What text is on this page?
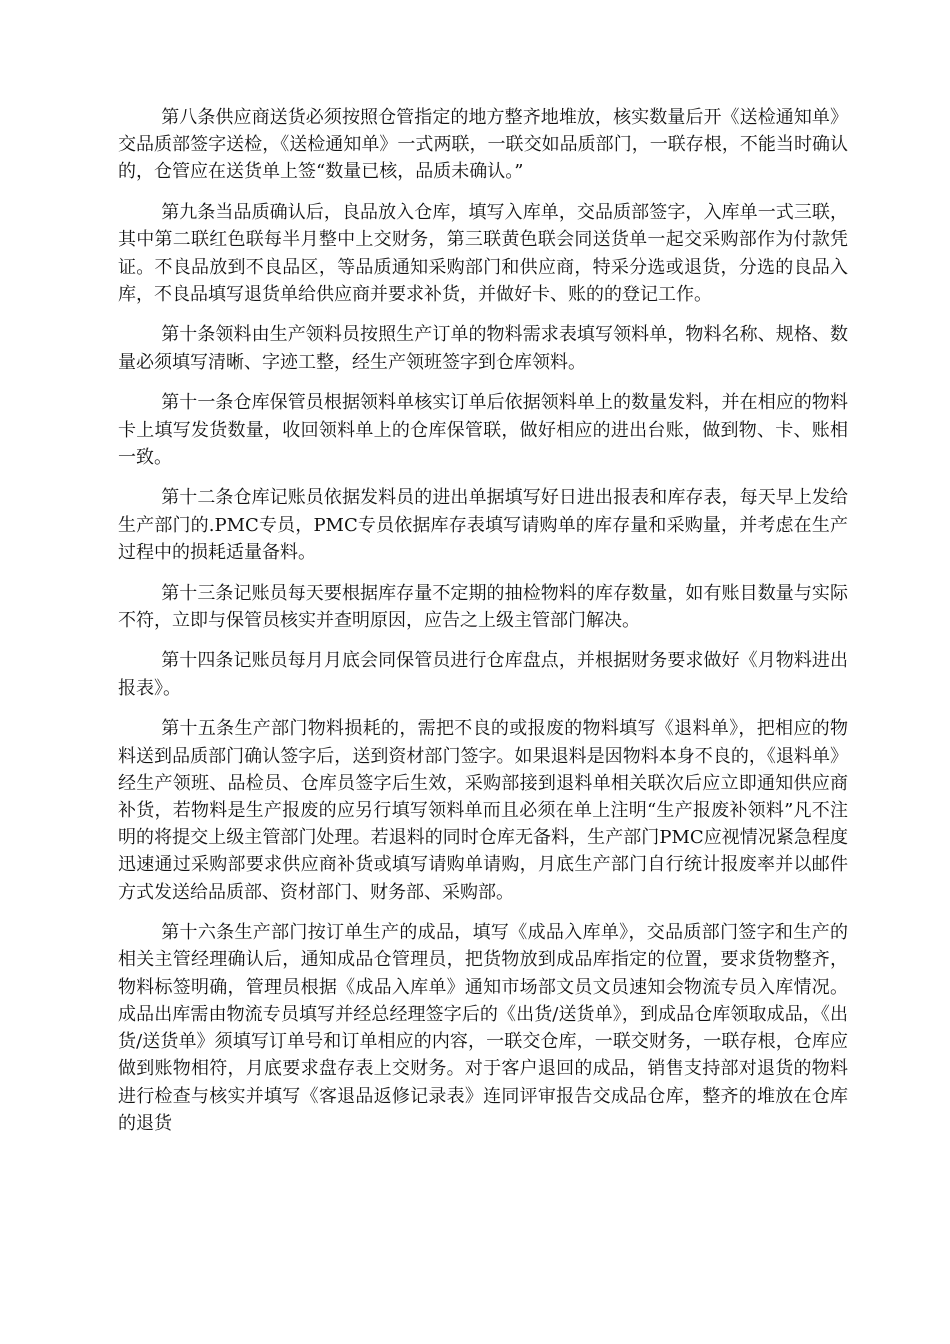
第八条供应商送货必须按照仓管指定的地方整齐地堆放，核实数量后开《送检通知单》交品质部签字送检，《送检通知单》一式两联，一联交如品质部门，一联存根，不能当时确认的，仓管应在送货单上签“数量已核，品质未确认。”

第九条当品质确认后，良品放入仓库，填写入库单，交品质部签字，入库单一式三联，其中第二联红色联每半月整中上交财务，第三联黄色联会同送货单一起交采购部作为付款凭证。不良品放到不良品区，等品质通知采购部门和供应商，特采分选或退货，分选的良品入库，不良品填写退货单给供应商并要求补货，并做好卡、账的的登记工作。

第十条领料由生产领料员按照生产订单的物料需求表填写领料单，物料名称、规格、数量必须填写清晰、字迹工整，经生产领班签字到仓库领料。

第十一条仓库保管员根据领料单核实订单后依据领料单上的数量发料，并在相应的物料卡上填写发货数量，收回领料单上的仓库保管联，做好相应的进出台账，做到物、卡、账相一致。

第十二条仓库记账员依据发料员的进出单据填写好日进出报表和库存表，每天早上发给生产部门的.PMC专员，PMC专员依据库存表填写请购单的库存量和采购量，并考虑在生产过程中的损耗适量备料。

第十三条记账员每天要根据库存量不定期的抽检物料的库存数量，如有账目数量与实际不符，立即与保管员核实并查明原因，应告之上级主管部门解决。

第十四条记账员每月月底会同保管员进行仓库盘点，并根据财务要求做好《月物料进出报表》。

第十五条生产部门物料损耗的，需把不良的或报废的物料填写《退料单》，把相应的物料送到品质部门确认签字后，送到资材部门签字。如果退料是因物料本身不良的，《退料单》经生产领班、品检员、仓库员签字后生效，采购部接到退料单相关联次后应立即通知供应商补货，若物料是生产报废的应另行填写领料单而且必须在单上注明“生产报废补领料”凡不注明的将提交上级主管部门处理。若退料的同时仓库无备料，生产部门PMC应视情况紧急程度迅速通过采购部要求供应商补货或填写请购单请购，月底生产部门自行统计报废率并以邮件方式发送给品质部、资材部门、财务部、采购部。

第十六条生产部门按订单生产的成品，填写《成品入库单》，交品质部门签字和生产的相关主管经理确认后，通知成品仓管理员，把货物放到成品库指定的位置，要求货物整齐，物料标签明确，管理员根据《成品入库单》通知市场部文员文员速知会物流专员入库情况。成品出库需由物流专员填写并经总经理签字后的《出货/送货单》，到成品仓库领取成品，《出货/送货单》须填写订单号和订单相应的内容，一联交仓库，一联交财务，一联存根，仓库应做到账物相符，月底要求盘存表上交财务。对于客户退回的成品，销售支持部对退货的物料进行检查与核实并填写《客退品返修记录表》连同评审报告交成品仓库，整齐的堆放在仓库的退货
